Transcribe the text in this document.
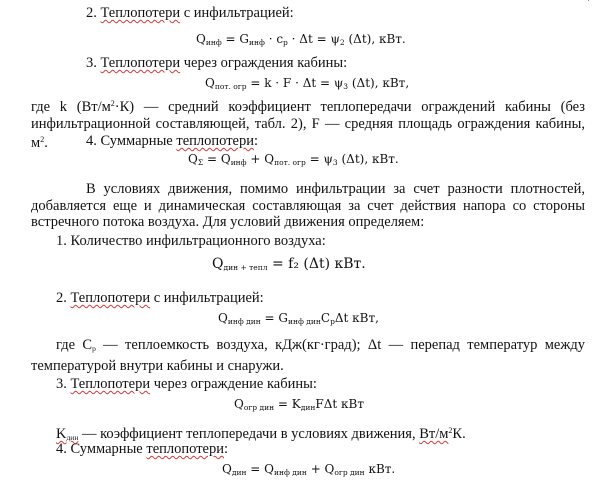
2. Теплопотери с инфильтрацией:
$Q_{инф} = G_{инф} \cdot c_p \cdot \Delta t = \psi_2$ (Δt), кВт.
3. Теплопотери через ограждения кабины:
$Q_{пот. огр} = k \cdot F \cdot \Delta t = \psi_3$ (Δt), кВт,
где k $(Вт/м^2\cdot К)$ — средний коэффициент теплопередачи ограждений кабины (без инфильтрационной составляющей, табл. 2), F — средняя площадь ограждения кабины, $м^2$.	4. Суммарные теплопотери:
$Q_\Sigma = Q_{инф} + Q_{пот. огр} = \psi_3$ (Δt), кВт.
В условиях движения, помимо инфильтрации за счет разности плотностей, добавляется еще и динамическая составляющая за счет действия напора со стороны встречного потока воздуха. Для условий движения определяем:
1. Количество инфильтрационного воздуха:
$Q_{дин + тепл} = f_2$ (Δt) кВт.
2. Теплопотери с инфильтрацией:
$Q_{инф дин} = G_{инф дин}C_p\Delta t$ кВт,
где $C_p$ — теплоемкость воздуха, кДж(кг·град); Δt — перепад температур между температурой внутри кабины и снаружи.
3. Теплопотери через ограждение кабины:
$Q_{огр дин} = K_{дин}F\Delta t$ кВт
$K_{дин}$ — коэффициент теплопередачи в условиях движения, $Вт/м^2К$.
4. Суммарные теплопотери:
$Q_{дин} = Q_{инф дин} + Q_{огр дин}$ кВт.
